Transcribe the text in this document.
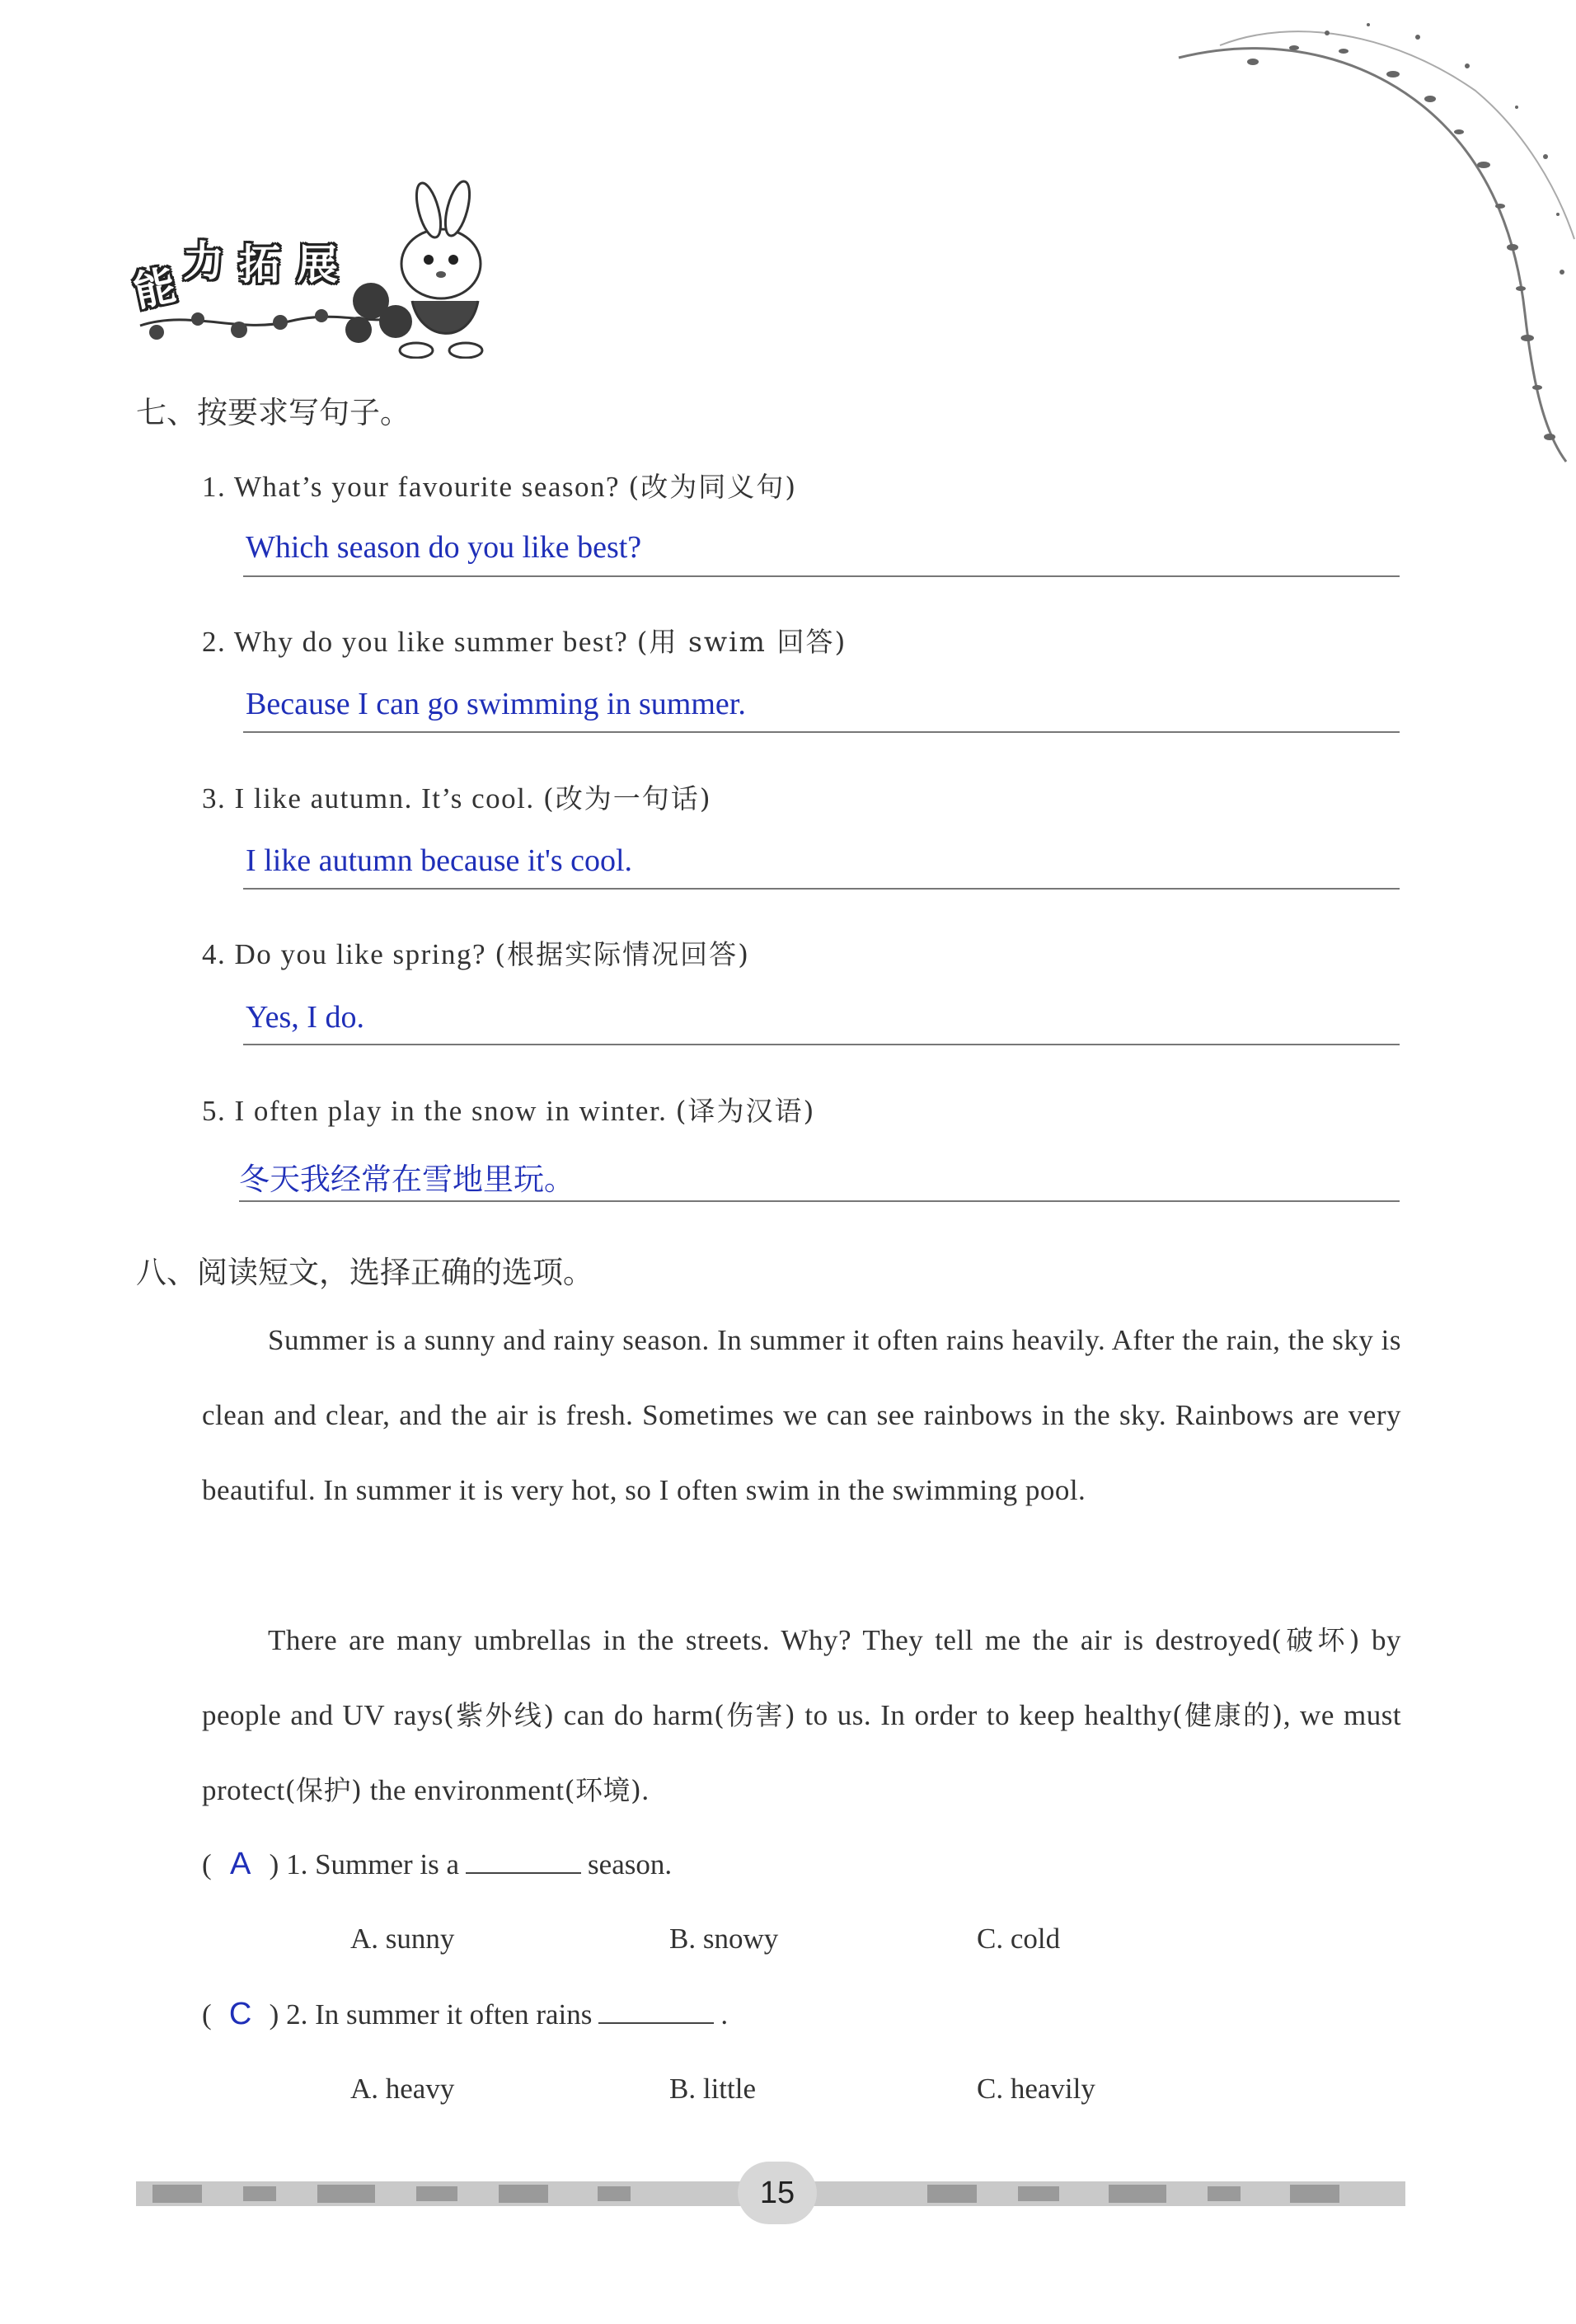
能 力 拓 展
七、按要求写句子。
1. What’s your favourite season? (改为同义句)
Which season do you like best?
2. Why do you like summer best? (用 swim 回答)
Because I can go swimming in summer.
3. I like autumn. It’s cool. (改为一句话)
I like autumn because it's cool.
4. Do you like spring? (根据实际情况回答)
Yes, I do.
5. I often play in the snow in winter. (译为汉语)
冬天我经常在雪地里玩。
八、阅读短文，选择正确的选项。
Summer is a sunny and rainy season. In summer it often rains heavily. After the rain, the sky is clean and clear, and the air is fresh. Sometimes we can see rainbows in the sky. Rainbows are very beautiful. In summer it is very hot, so I often swim in the swimming pool.
There are many umbrellas in the streets. Why? They tell me the air is destroyed(破坏) by people and UV rays(紫外线) can do harm(伤害) to us. In order to keep healthy(健康的), we must protect(保护) the environment(环境).
( A ) 1. Summer is a	season.
A. sunny	B. snowy	C. cold
( C ) 2. In summer it often rains	.
A. heavy	B. little	C. heavily
15
